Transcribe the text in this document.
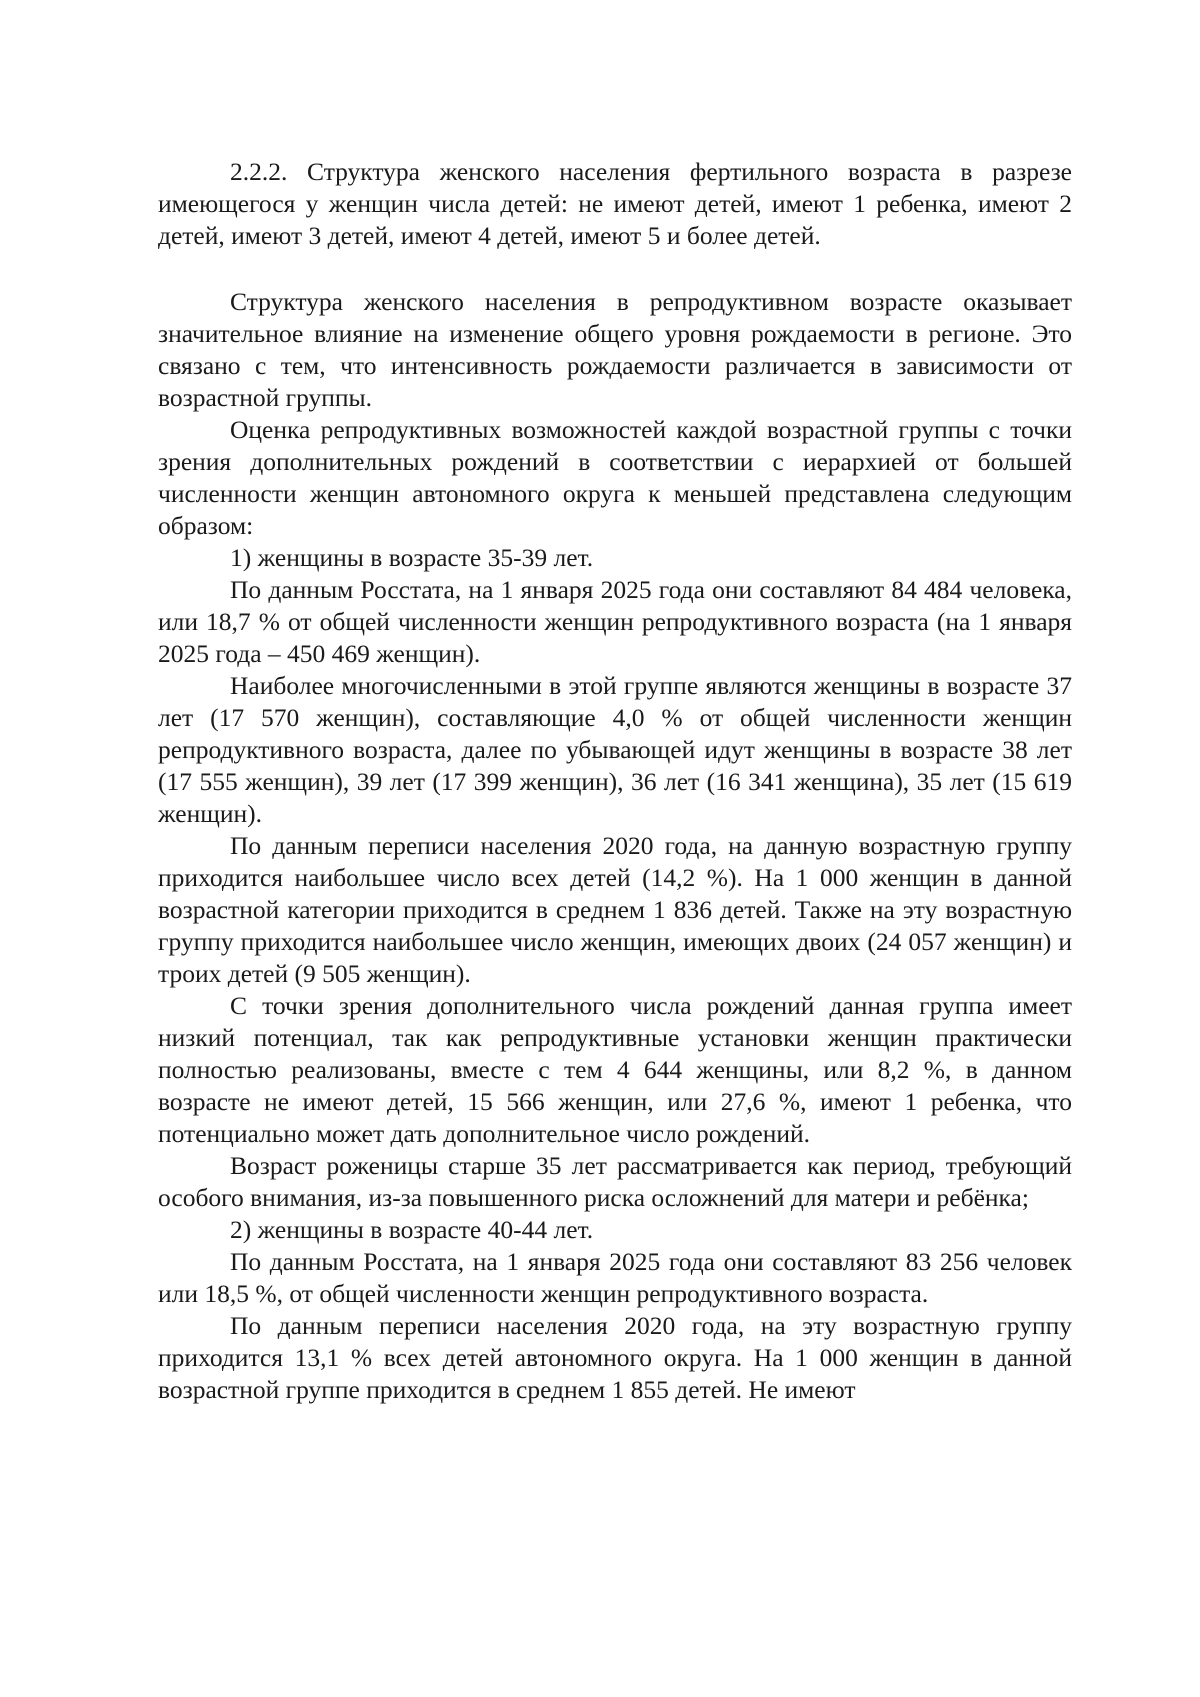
2.2.2. Структура женского населения фертильного возраста в разрезе имеющегося у женщин числа детей: не имеют детей, имеют 1 ребенка, имеют 2 детей, имеют 3 детей, имеют 4 детей, имеют 5 и более детей.

Структура женского населения в репродуктивном возрасте оказывает значительное влияние на изменение общего уровня рождаемости в регионе. Это связано с тем, что интенсивность рождаемости различается в зависимости от возрастной группы.

Оценка репродуктивных возможностей каждой возрастной группы с точки зрения дополнительных рождений в соответствии с иерархией от большей численности женщин автономного округа к меньшей представлена следующим образом:

1) женщины в возрасте 35-39 лет.

По данным Росстата, на 1 января 2025 года они составляют 84 484 человека, или 18,7 % от общей численности женщин репродуктивного возраста (на 1 января 2025 года – 450 469 женщин).

Наиболее многочисленными в этой группе являются женщины в возрасте 37 лет (17 570 женщин), составляющие 4,0 % от общей численности женщин репродуктивного возраста, далее по убывающей идут женщины в возрасте 38 лет (17 555 женщин), 39 лет (17 399 женщин), 36 лет (16 341 женщина), 35 лет (15 619 женщин).

По данным переписи населения 2020 года, на данную возрастную группу приходится наибольшее число всех детей (14,2 %). На 1 000 женщин в данной возрастной категории приходится в среднем 1 836 детей. Также на эту возрастную группу приходится наибольшее число женщин, имеющих двоих (24 057 женщин) и троих детей (9 505 женщин).

С точки зрения дополнительного числа рождений данная группа имеет низкий потенциал, так как репродуктивные установки женщин практически полностью реализованы, вместе с тем 4 644 женщины, или 8,2 %, в данном возрасте не имеют детей, 15 566 женщин, или 27,6 %, имеют 1 ребенка, что потенциально может дать дополнительное число рождений.

Возраст роженицы старше 35 лет рассматривается как период, требующий особого внимания, из-за повышенного риска осложнений для матери и ребёнка;

2) женщины в возрасте 40-44 лет.

По данным Росстата, на 1 января 2025 года они составляют 83 256 человек или 18,5 %, от общей численности женщин репродуктивного возраста.

По данным переписи населения 2020 года, на эту возрастную группу приходится 13,1 % всех детей автономного округа. На 1 000 женщин в данной возрастной группе приходится в среднем 1 855 детей. Не имеют
